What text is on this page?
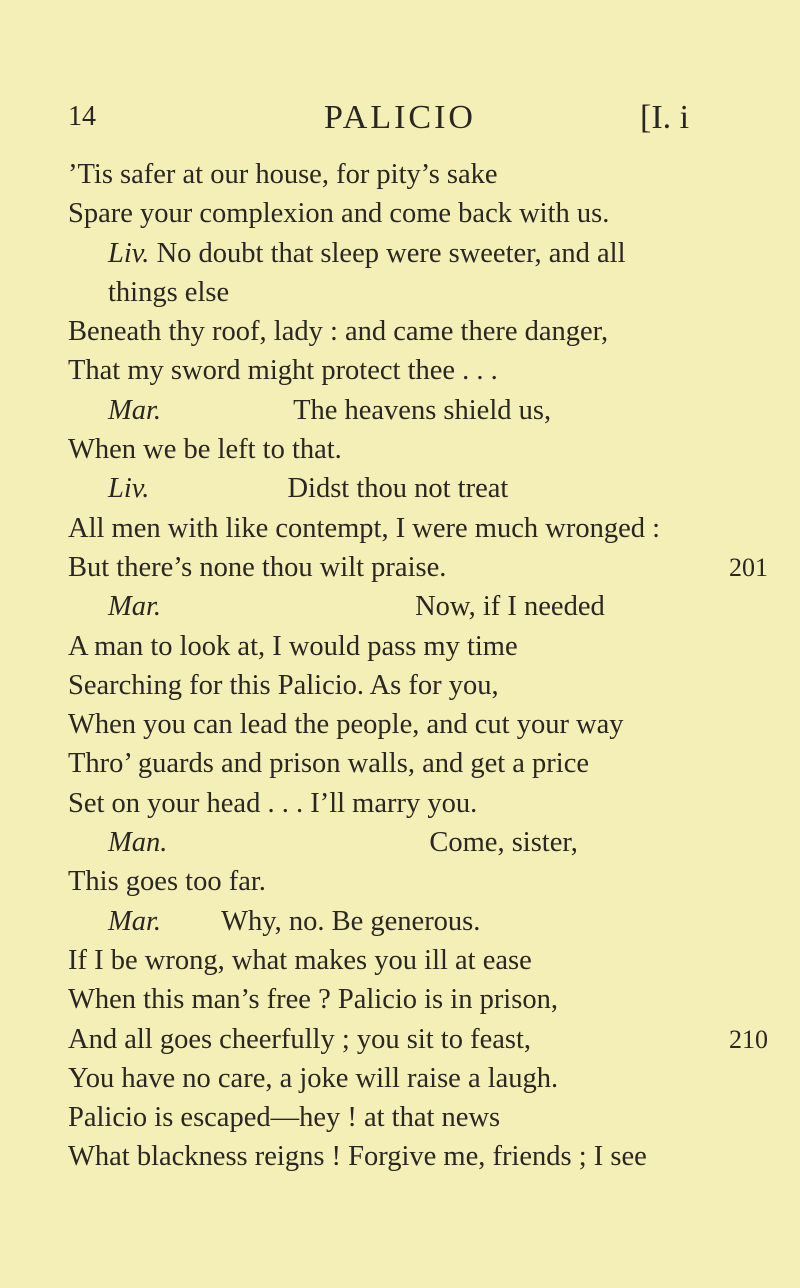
14	PALICIO	[I. i
’Tis safer at our house, for pity’s sake
Spare your complexion and come back with us.
Liv. No doubt that sleep were sweeter, and all
things else
Beneath thy roof, lady : and came there danger,
That my sword might protect thee . . .
Mar.	The heavens shield us,
When we be left to that.
Liv.	Didst thou not treat
All men with like contempt, I were much wronged :
But there’s none thou wilt praise.	201
Mar.	Now, if I needed
A man to look at, I would pass my time
Searching for this Palicio. As for you,
When you can lead the people, and cut your way
Thro’ guards and prison walls, and get a price
Set on your head . . . I’ll marry you.
Man.	Come, sister,
This goes too far.
Mar. Why, no. Be generous.
If I be wrong, what makes you ill at ease
When this man’s free ? Palicio is in prison,
And all goes cheerfully ; you sit to feast,	210
You have no care, a joke will raise a laugh.
Palicio is escaped—hey ! at that news
What blackness reigns ! Forgive me, friends ; I see
